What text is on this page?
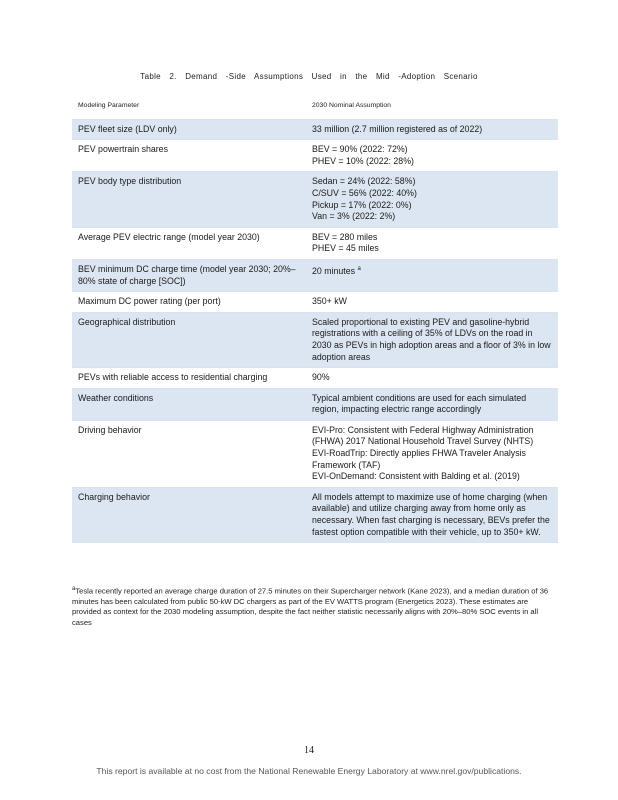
Table 2. Demand -Side Assumptions Used in the Mid -Adoption Scenario
Modeling Parameter	2030 Nominal Assumption
PEV fleet size (LDV only)	33 million (2.7 million registered as of 2022)

PEV powertrain shares	BEV = 90% (2022: 72%)
PHEV = 10% (2022: 28%)

PEV body type distribution	Sedan = 24% (2022: 58%)
C/SUV = 56% (2022: 40%)
Pickup = 17% (2022: 0%)
Van = 3% (2022: 2%)

Average PEV electric range (model year 2030)	BEV = 280 miles
PHEV = 45 miles

BEV minimum DC charge time (model year 2030; 20%–80% state of charge [SOC])	20 minutes $^a$

Maximum DC power rating (per port)	350+ kW

Geographical distribution	Scaled proportional to existing PEV and gasoline-hybrid registrations with a ceiling of 35% of LDVs on the road in 2030 as PEVs in high adoption areas and a floor of 3% in low adoption areas

PEVs with reliable access to residential charging	90%

Weather conditions	Typical ambient conditions are used for each simulated region, impacting electric range accordingly

Driving behavior	EVI-Pro: Consistent with Federal Highway Administration (FHWA) 2017 National Household Travel Survey (NHTS)
EVI-RoadTrip: Directly applies FHWA Traveler Analysis Framework (TAF)
EVI-OnDemand: Consistent with Balding et al. (2019)

Charging behavior	All models attempt to maximize use of home charging (when available) and utilize charging away from home only as necessary. When fast charging is necessary, BEVs prefer the fastest option compatible with their vehicle, up to 350+ kW.
$^a$Tesla recently reported an average charge duration of 27.5 minutes on their Supercharger network (Kane 2023), and a median duration of 36 minutes has been calculated from public 50-kW DC chargers as part of the EV WATTS program (Energetics 2023). These estimates are provided as context for the 2030 modeling assumption, despite the fact neither statistic necessarily aligns with 20%–80% SOC events in all cases
14
This report is available at no cost from the National Renewable Energy Laboratory at www.nrel.gov/publications.
